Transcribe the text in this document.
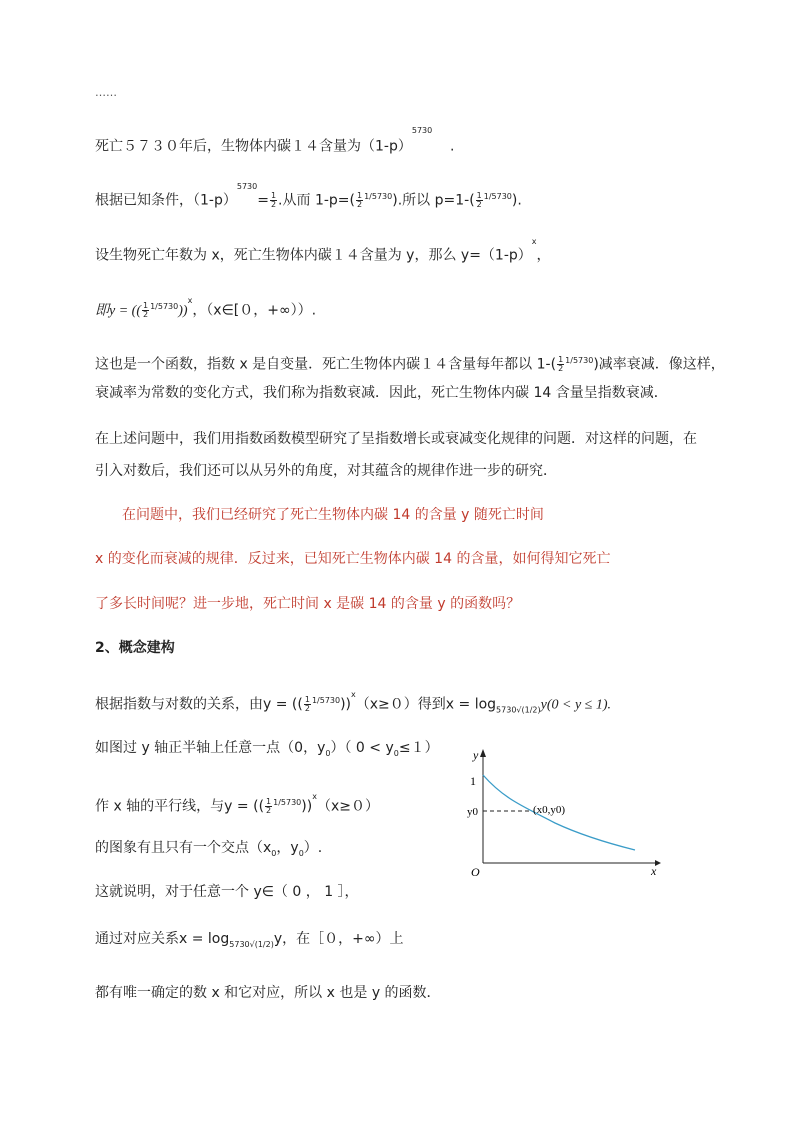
……
死亡５７３０年后，生物体内碳１４含量为$(1-p)^{5730}$    .
根据已知条件，$(1-p)^{5730}= \frac{1}{2}$ .从而 $1-p=( \frac{1}{2} ^{1/5730})$.所以 $p=1-( \frac{1}{2} ^{1/5730})$.
设生物死亡年数为 x，死亡生物体内碳１４含量为 y，那么 $y=(1-p)^x$，
即y = (( $\frac{1}{2} ^{1/5730}))^x$，（x∈[０，+∞））.
这也是一个函数，指数 x 是自变量．死亡生物体内碳１４含量每年都以 $1-( \frac{1}{2} ^{1/5730})$减率衰减．像这样，
衰减率为常数的变化方式，我们称为指数衰减．因此，死亡生物体内碳 14 含量呈指数衰减．
在上述问题中，我们用指数函数模型研究了呈指数增长或衰减变化规律的问题．对这样的问题，在
引入对数后，我们还可以从另外的角度，对其蕴含的规律作进一步的研究．
在问题中，我们已经研究了死亡生物体内碳 14 的含量 y 随死亡时间
x 的变化而衰减的规律．反过来，已知死亡生物体内碳 14 的含量，如何得知它死亡
了多长时间呢？进一步地，死亡时间 x 是碳 14 的含量 y 的函数吗？
2、概念建构
根据指数与对数的关系，由y = (( $\frac{1}{2} ^{1/5730}))^x(x\ge 0)$得到$x = \log_{5730√(1/2)}y(0 < y \le 1)$.
如图过 y 轴正半轴上任意一点（0，$y_0$）（ $0 < y_0\le 1$）
作 x 轴的平行线，与y = (( $\frac{1}{2} ^{1/5730}))^x(x\ge 0)$
的图象有且只有一个交点（$x_0$，$y_0$）.
这就说明，对于任意一个 y∈（ 0 ， 1 ］，
通过对应关系$x = \log_{5730√(1/2)}y$，在［０，+∞）上
都有唯一确定的数 x 和它对应，所以 x 也是 y 的函数．
y
x
O
1
y0	(x0,y0)
